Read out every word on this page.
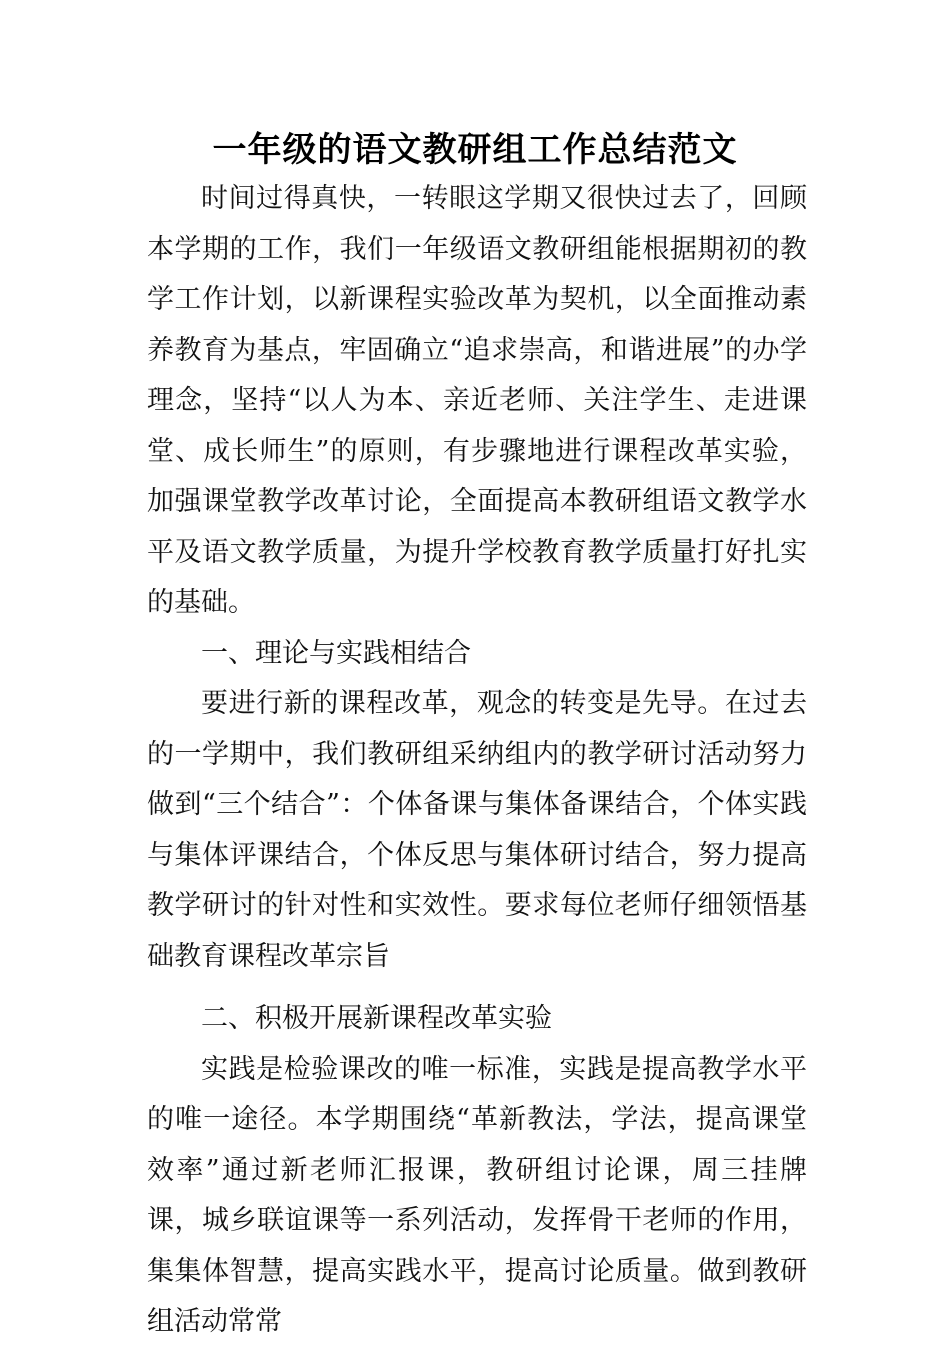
一年级的语文教研组工作总结范文

时间过得真快，一转眼这学期又很快过去了，回顾本学期的工作，我们一年级语文教研组能根据期初的教学工作计划，以新课程实验改革为契机，以全面推动素养教育为基点，牢固确立“追求崇高，和谐进展”的办学理念，坚持“以人为本、亲近老师、关注学生、走进课堂、成长师生”的原则，有步骤地进行课程改革实验，加强课堂教学改革讨论，全面提高本教研组语文教学水平及语文教学质量，为提升学校教育教学质量打好扎实的基础。

一、理论与实践相结合

要进行新的课程改革，观念的转变是先导。在过去的一学期中，我们教研组采纳组内的教学研讨活动努力做到“三个结合”：个体备课与集体备课结合，个体实践与集体评课结合，个体反思与集体研讨结合，努力提高教学研讨的针对性和实效性。要求每位老师仔细领悟基础教育课程改革宗旨

二、积极开展新课程改革实验

实践是检验课改的唯一标准，实践是提高教学水平的唯一途径。本学期围绕“革新教法，学法，提高课堂效率”通过新老师汇报课，教研组讨论课，周三挂牌课，城乡联谊课等一系列活动，发挥骨干老师的作用，集集体智慧，提高实践水平，提高讨论质量。做到教研组活动常常
